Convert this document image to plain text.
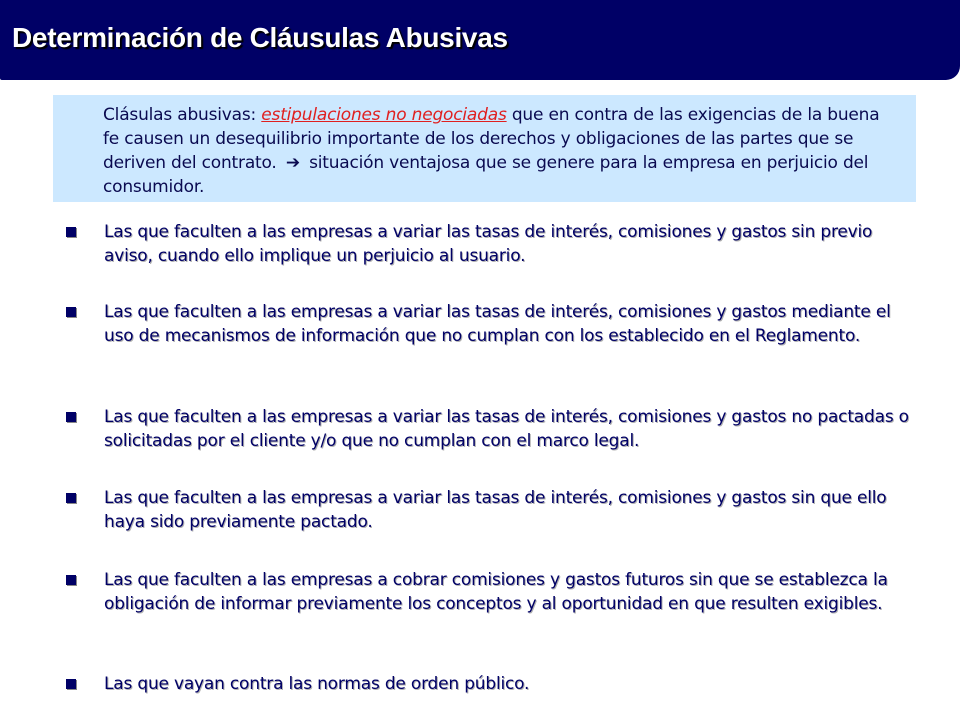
Determinación de Cláusulas Abusivas
Clásulas abusivas: estipulaciones no negociadas que en contra de las exigencias de la buena fe causen un desequilibrio importante de los derechos y obligaciones de las partes que se deriven del contrato. ➔ situación ventajosa que se genere para la empresa en perjuicio del consumidor.
Las que faculten a las empresas a variar las tasas de interés, comisiones y gastos sin previo aviso, cuando ello implique un perjuicio al usuario.
Las que faculten a las empresas a variar las tasas de interés, comisiones y gastos mediante el uso de mecanismos de información que no cumplan con los establecido en el Reglamento.
Las que faculten a las empresas a variar las tasas de interés, comisiones y gastos no pactadas o solicitadas por el cliente y/o que no cumplan con el marco legal.
Las que faculten a las empresas a variar las tasas de interés, comisiones y gastos sin que ello haya sido previamente pactado.
Las que faculten a las empresas a cobrar comisiones y gastos futuros sin que se establezca la obligación de informar previamente los conceptos y al oportunidad en que resulten exigibles.
Las que vayan contra las normas de orden público.
